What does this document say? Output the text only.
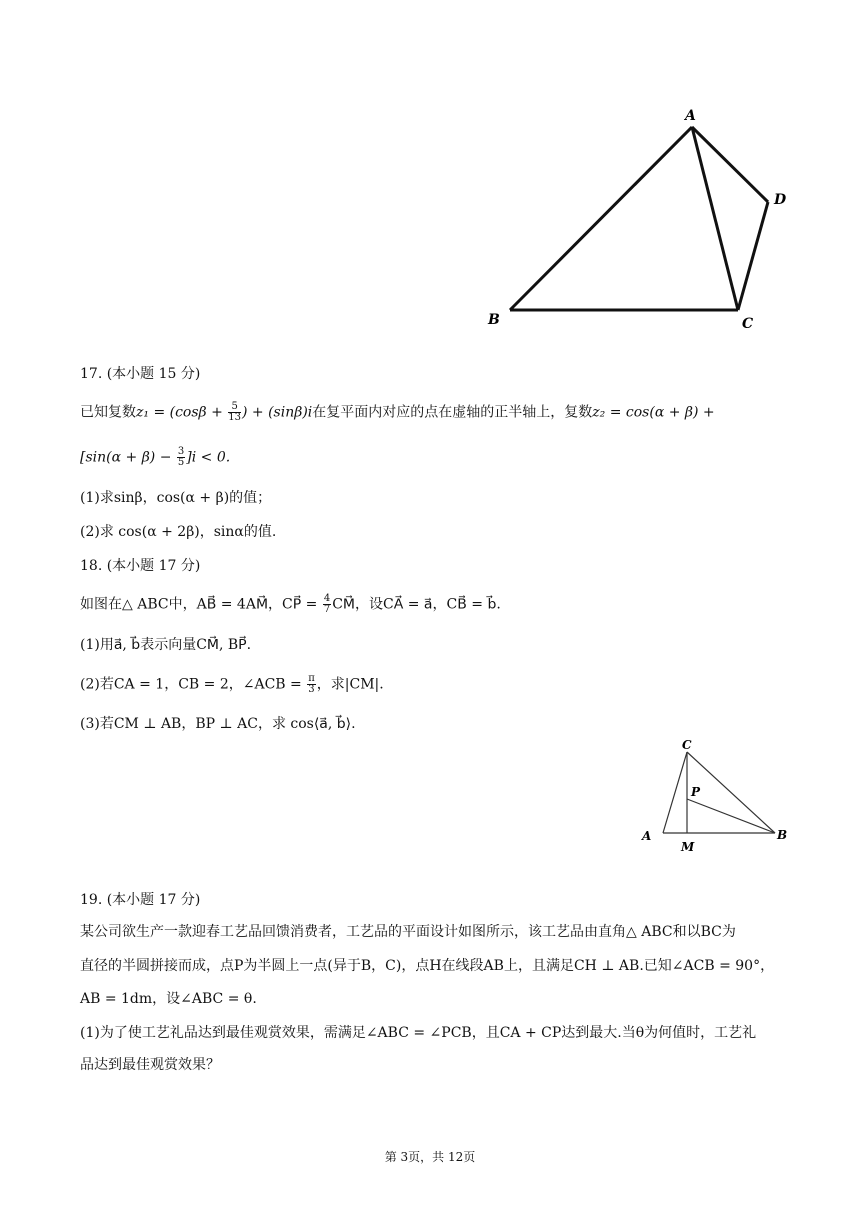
A
B	C
D
17. (本小题 15 分)
已知复数$z_1 = (\cos\beta + \frac{5}{13}$ ) + (sinβ)i在复平面内对应的点在虚轴的正半轴上，复数z₂ = cos(α + β) +
$[\sin(\alpha + \beta) - \frac{3}{5} ]i < 0$.
(1)求sinβ，cos(α + β)的值；
(2)求 cos(α + 2β)，sinα的值.
18. (本小题 17 分)
如图在△ ABC中，AB⃗ = 4AM⃗，CP⃗ = $\frac{4}{7}$ CM⃗，设CA⃗ = a⃗，CB⃗ = b⃗.
(1)用a⃗, b⃗表示向量CM⃗, BP⃗.
(2)若CA = 1，CB = 2，∠ACB = $\frac{\pi}{3}$ ，求|CM|.
(3)若CM ⊥ AB，BP ⊥ AC，求 cos⟨a⃗, b⃗⟩.
C
P
A
M
B
19. (本小题 17 分)
某公司欲生产一款迎春工艺品回馈消费者，工艺品的平面设计如图所示，该工艺品由直角△ ABC和以BC为
直径的半圆拼接而成，点P为半圆上一点(异于B，C)，点H在线段AB上，且满足CH ⊥ AB.已知∠ACB = 90°，
AB = 1dm，设∠ABC = θ.
(1)为了使工艺礼品达到最佳观赏效果，需满足∠ABC = ∠PCB，且CA + CP达到最大.当θ为何值时，工艺礼
品达到最佳观赏效果？
第 3页，共 12页
